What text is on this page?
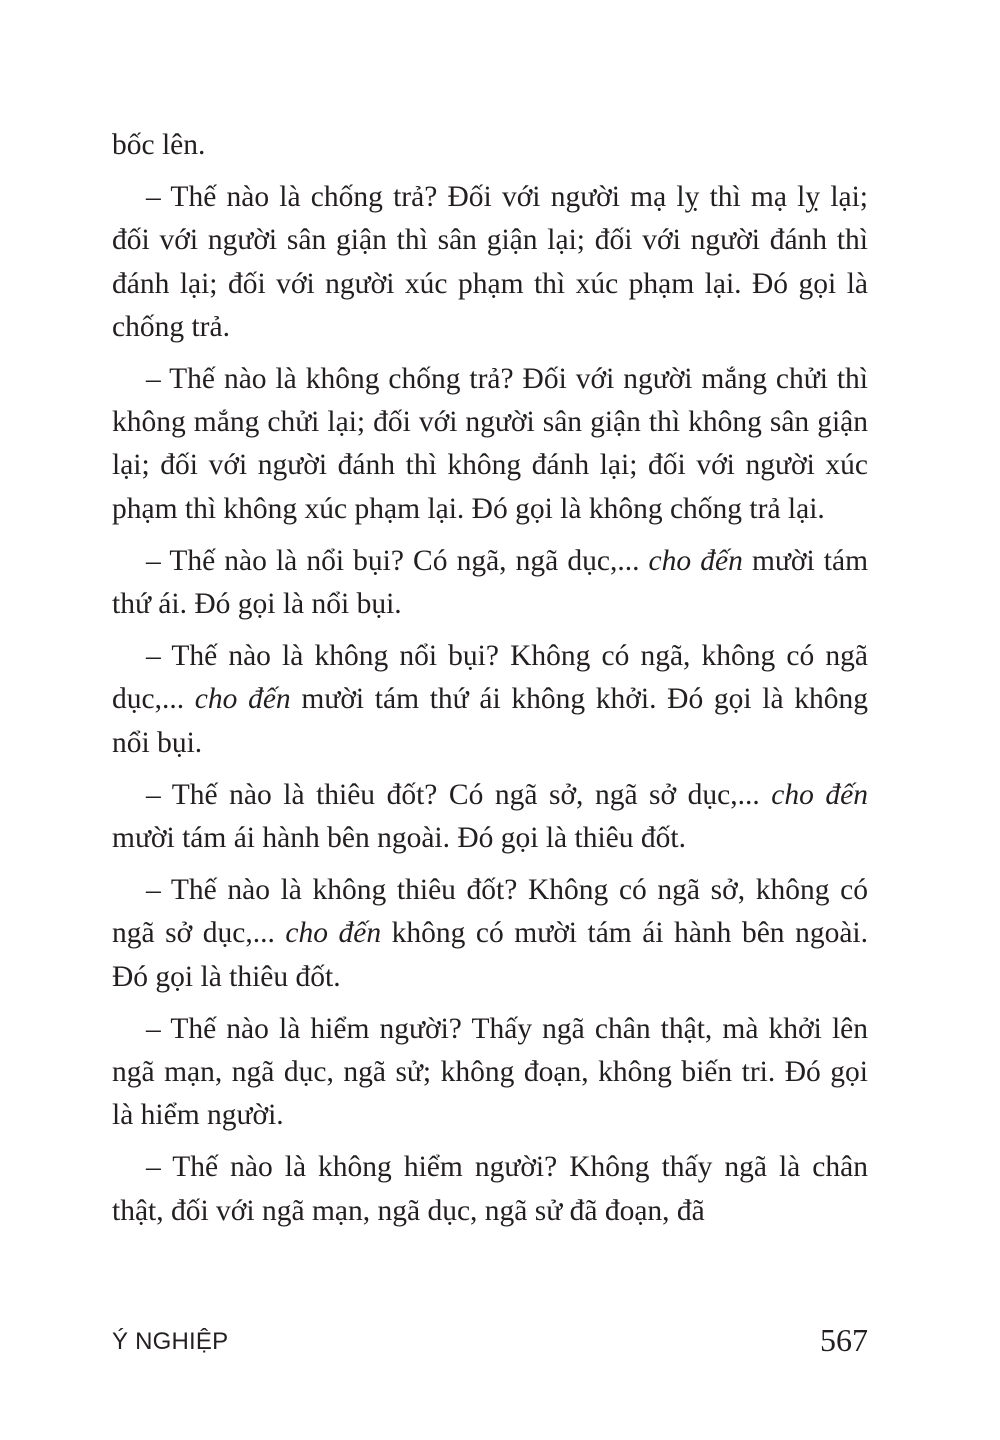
bốc lên.

– Thế nào là chống trả? Đối với người mạ lỵ thì mạ lỵ lại; đối với người sân giận thì sân giận lại; đối với người đánh thì đánh lại; đối với người xúc phạm thì xúc phạm lại. Đó gọi là chống trả.

– Thế nào là không chống trả? Đối với người mắng chửi thì không mắng chửi lại; đối với người sân giận thì không sân giận lại; đối với người đánh thì không đánh lại; đối với người xúc phạm thì không xúc phạm lại. Đó gọi là không chống trả lại.

– Thế nào là nổi bụi? Có ngã, ngã dục,... cho đến mười tám thứ ái. Đó gọi là nổi bụi.

– Thế nào là không nổi bụi? Không có ngã, không có ngã dục,... cho đến mười tám thứ ái không khởi. Đó gọi là không nổi bụi.

– Thế nào là thiêu đốt? Có ngã sở, ngã sở dục,... cho đến mười tám ái hành bên ngoài. Đó gọi là thiêu đốt.

– Thế nào là không thiêu đốt? Không có ngã sở, không có ngã sở dục,... cho đến không có mười tám ái hành bên ngoài. Đó gọi là thiêu đốt.

– Thế nào là hiểm người? Thấy ngã chân thật, mà khởi lên ngã mạn, ngã dục, ngã sử; không đoạn, không biến tri. Đó gọi là hiểm người.

– Thế nào là không hiểm người? Không thấy ngã là chân thật, đối với ngã mạn, ngã dục, ngã sử đã đoạn, đã

Ý NGHIỆP	567
